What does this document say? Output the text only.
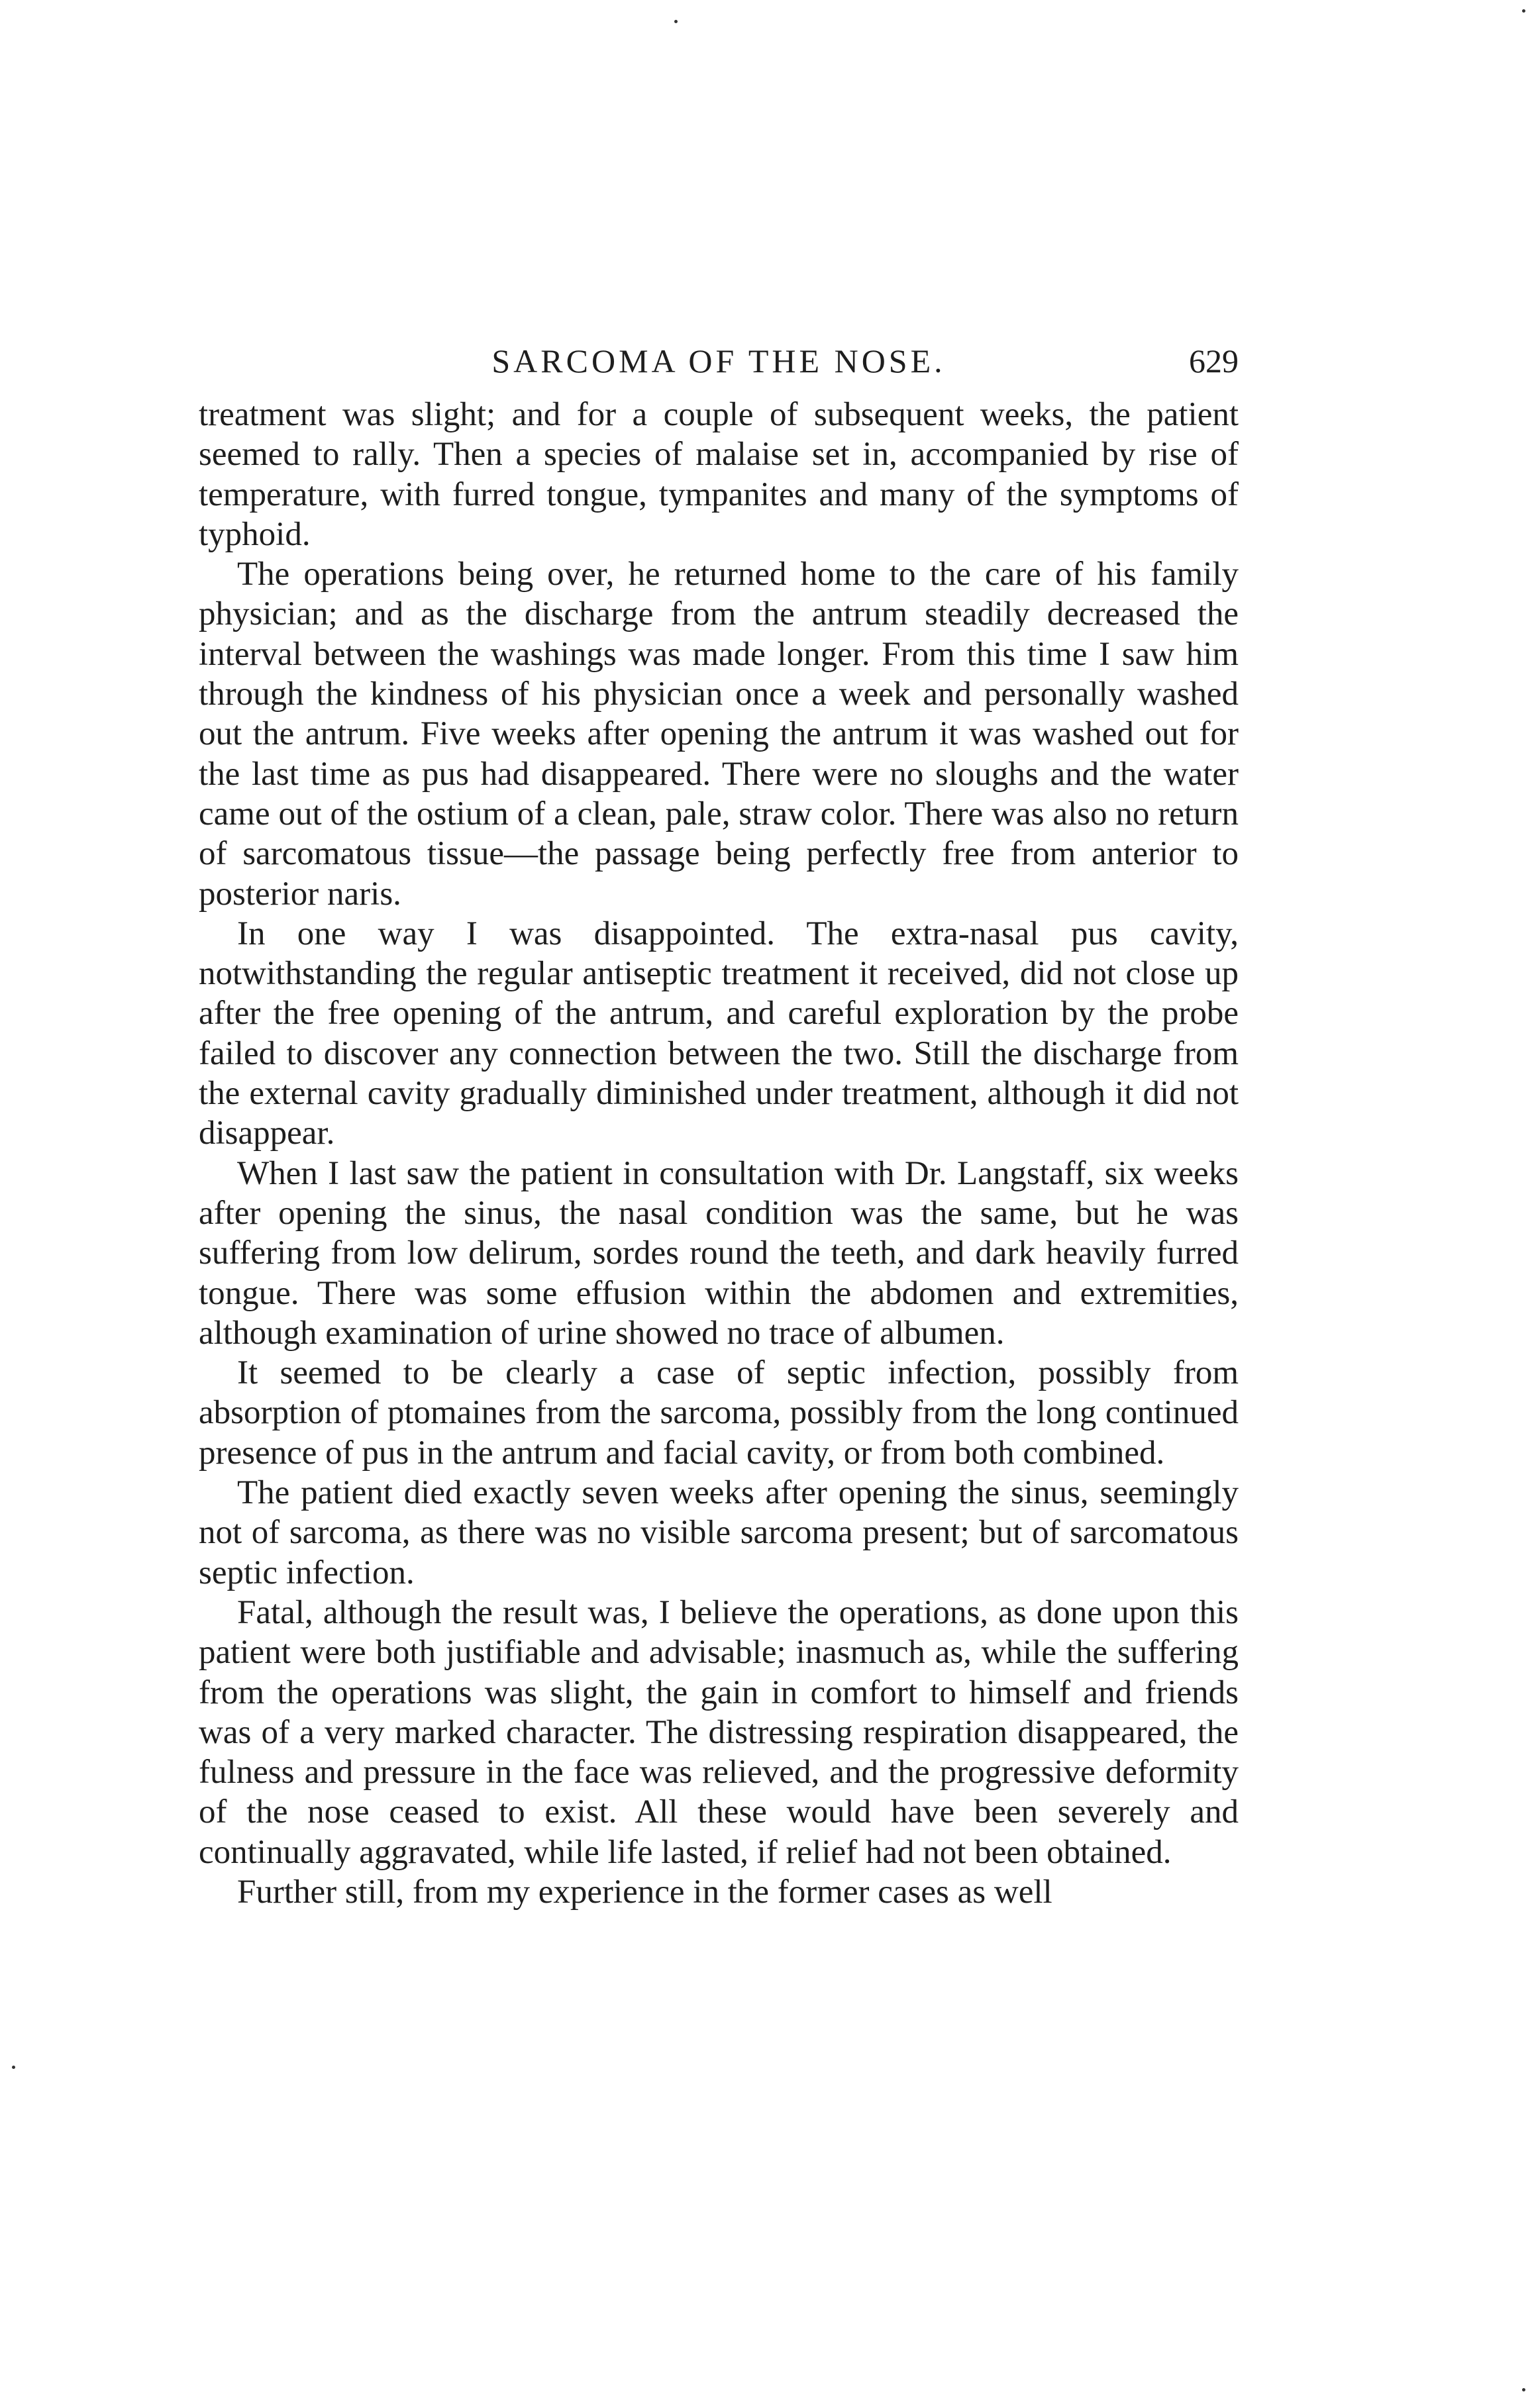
SARCOMA OF THE NOSE.	629

treatment was slight; and for a couple of subsequent weeks, the patient seemed to rally. Then a species of malaise set in, accompanied by rise of temperature, with furred tongue, tympanites and many of the symptoms of typhoid.

The operations being over, he returned home to the care of his family physician; and as the discharge from the antrum steadily decreased the interval between the washings was made longer. From this time I saw him through the kindness of his physician once a week and personally washed out the antrum. Five weeks after opening the antrum it was washed out for the last time as pus had disappeared. There were no sloughs and the water came out of the ostium of a clean, pale, straw color. There was also no return of sarcomatous tissue—the passage being perfectly free from anterior to posterior naris.

In one way I was disappointed. The extra-nasal pus cavity, notwithstanding the regular antiseptic treatment it received, did not close up after the free opening of the antrum, and careful exploration by the probe failed to discover any connection between the two. Still the discharge from the external cavity gradually diminished under treatment, although it did not disappear.

When I last saw the patient in consultation with Dr. Langstaff, six weeks after opening the sinus, the nasal condition was the same, but he was suffering from low delirum, sordes round the teeth, and dark heavily furred tongue. There was some effusion within the abdomen and extremities, although examination of urine showed no trace of albumen.

It seemed to be clearly a case of septic infection, possibly from absorption of ptomaines from the sarcoma, possibly from the long continued presence of pus in the antrum and facial cavity, or from both combined.

The patient died exactly seven weeks after opening the sinus, seemingly not of sarcoma, as there was no visible sarcoma present; but of sarcomatous septic infection.

Fatal, although the result was, I believe the operations, as done upon this patient were both justifiable and advisable; inasmuch as, while the suffering from the operations was slight, the gain in comfort to himself and friends was of a very marked character. The distressing respiration disappeared, the fulness and pressure in the face was relieved, and the progressive deformity of the nose ceased to exist. All these would have been severely and continually aggravated, while life lasted, if relief had not been obtained.

Further still, from my experience in the former cases as well
